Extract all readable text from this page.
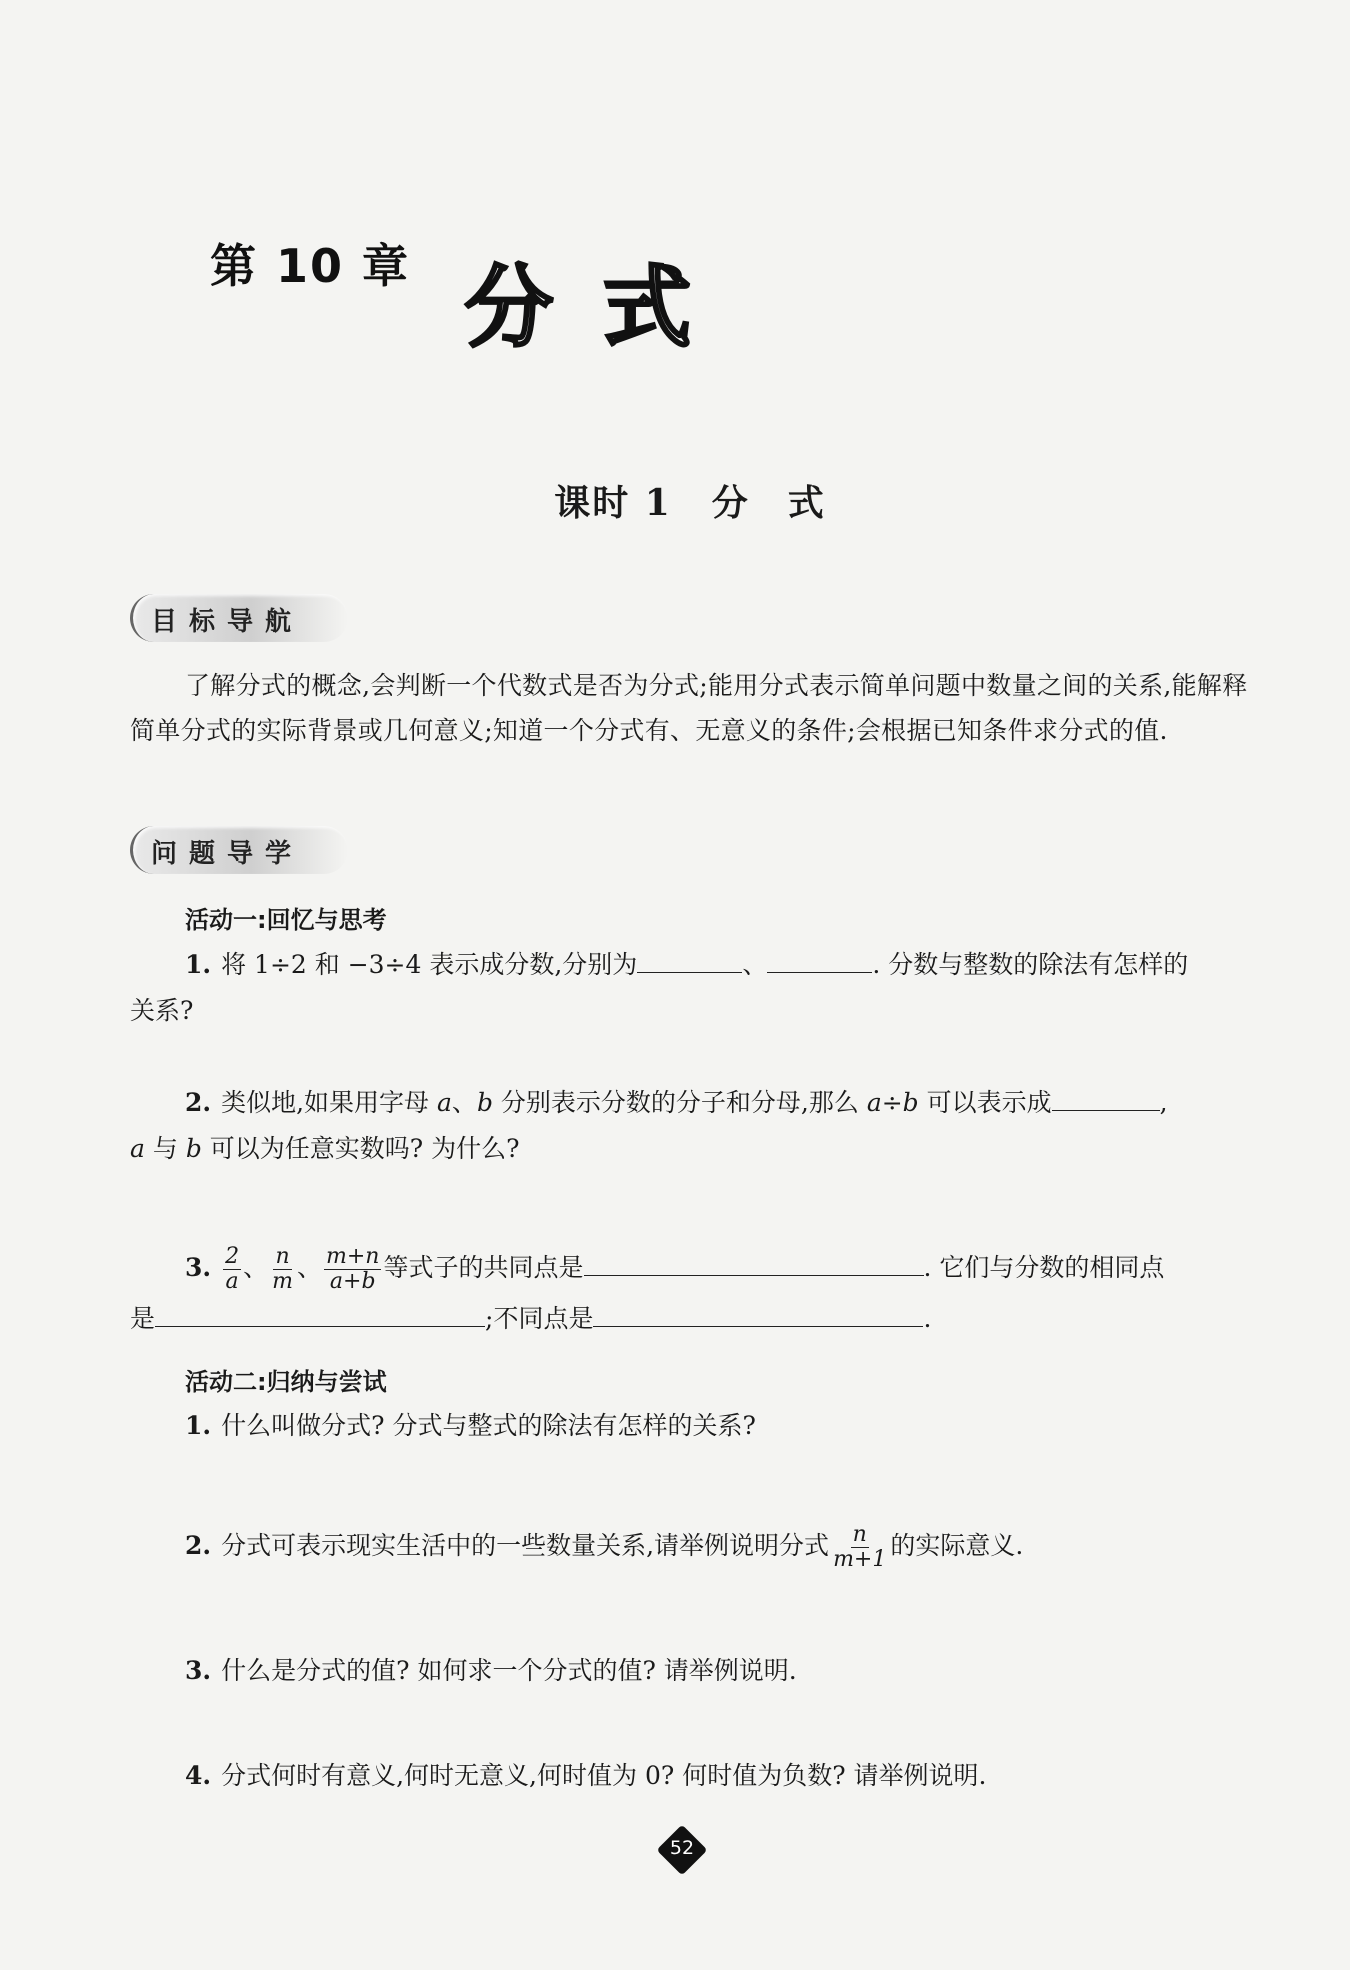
第 10 章 分式
课时 1 分　式
目标导航
了解分式的概念,会判断一个代数式是否为分式;能用分式表示简单问题中数量之间的关系,能解释简单分式的实际背景或几何意义;知道一个分式有、无意义的条件;会根据已知条件求分式的值.
问题导学
活动一:回忆与思考
1. 将 1÷2 和 −3÷4 表示成分数,分别为	、	. 分数与整数的除法有怎样的
关系?
2. 类似地,如果用字母 a、b 分别表示分数的分子和分母,那么 a÷b 可以表示成	,
a 与 b 可以为任意实数吗? 为什么?
3. $\frac{2}{a}$ 、 $\frac{n}{m}$ 、 $\frac{m+n}{a+b}$ 等式子的共同点是	. 它们与分数的相同点
是	;不同点是	.
活动二:归纳与尝试
1. 什么叫做分式? 分式与整式的除法有怎样的关系?
2. 分式可表示现实生活中的一些数量关系,请举例说明分式 $\frac{n}{m+1}$ 的实际意义.
3. 什么是分式的值? 如何求一个分式的值? 请举例说明.
4. 分式何时有意义,何时无意义,何时值为 0? 何时值为负数? 请举例说明.
52
